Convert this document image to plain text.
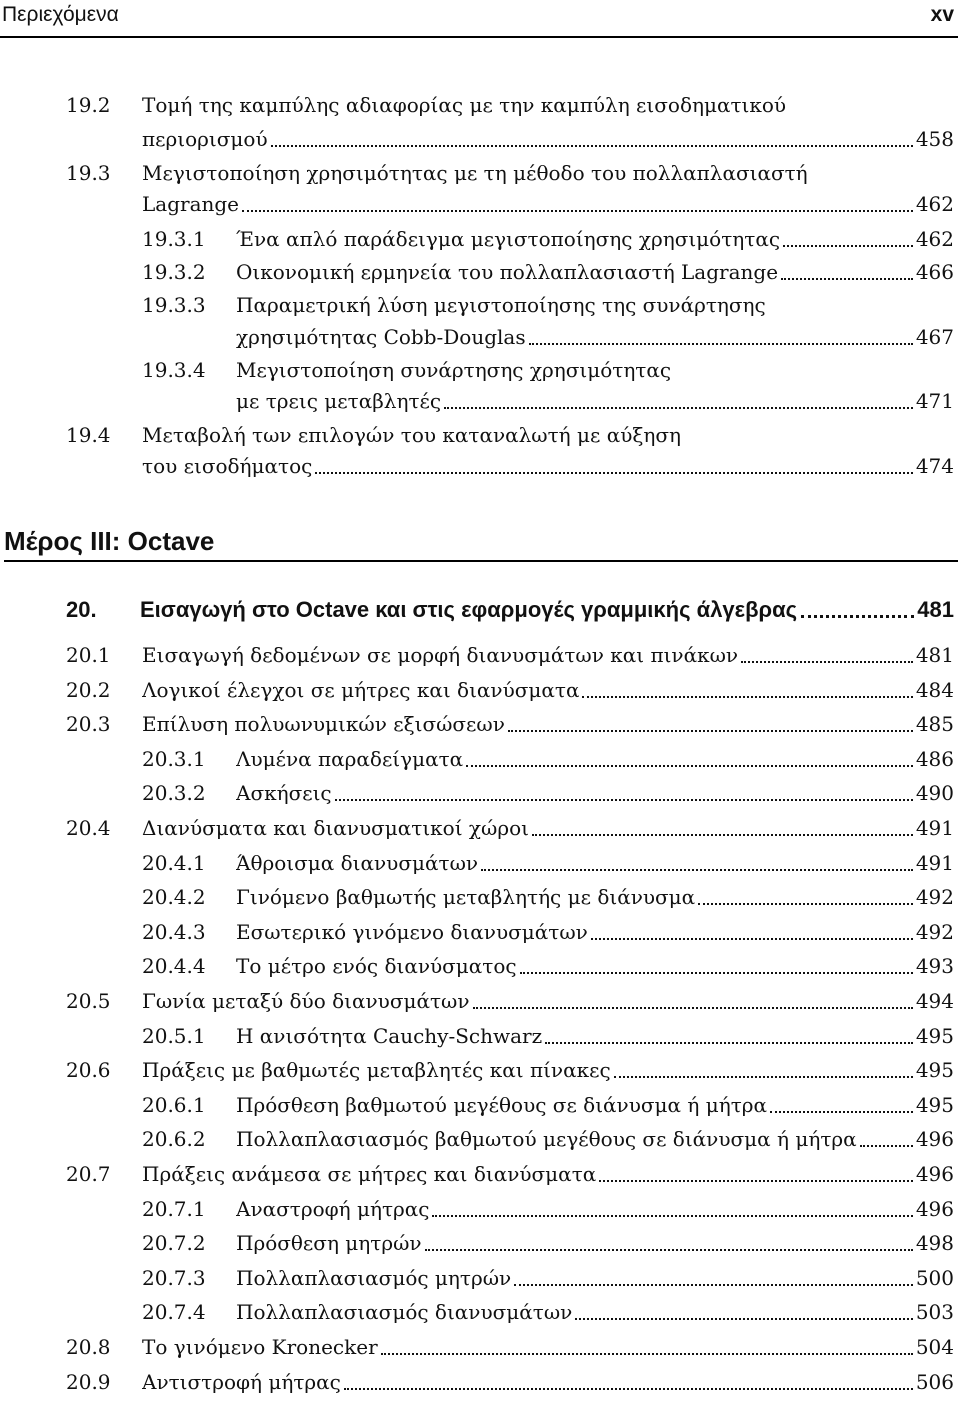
Περιεχόμενα	xv
19.2 Τομή της καμπύλης αδιαφορίας με την καμπύλη εισοδηματικού
περιορισμού	458
19.3 Μεγιστοποίηση χρησιμότητας με τη μέθοδο του πολλαπλασιαστή
Lagrange	462
19.3.1 Ένα απλό παράδειγμα μεγιστοποίησης χρησιμότητας	462
19.3.2 Οικονομική ερμηνεία του πολλαπλασιαστή Lagrange	466
19.3.3 Παραμετρική λύση μεγιστοποίησης της συνάρτησης
χρησιμότητας Cobb-Douglas	467
19.3.4 Μεγιστοποίηση συνάρτησης χρησιμότητας
με τρεις μεταβλητές	471
19.4 Μεταβολή των επιλογών του καταναλωτή με αύξηση
του εισοδήματος	474
Μέρος III: Octave
20. Εισαγωγή στο Octave και στις εφαρμογές γραμμικής άλγεβρας	481
20.1 Εισαγωγή δεδομένων σε μορφή διανυσμάτων και πινάκων	481
20.2 Λογικοί έλεγχοι σε μήτρες και διανύσματα	484
20.3 Επίλυση πολυωνυμικών εξισώσεων	485
20.3.1 Λυμένα παραδείγματα	486
20.3.2 Ασκήσεις	490
20.4 Διανύσματα και διανυσματικοί χώροι	491
20.4.1 Άθροισμα διανυσμάτων	491
20.4.2 Γινόμενο βαθμωτής μεταβλητής με διάνυσμα	492
20.4.3 Εσωτερικό γινόμενο διανυσμάτων	492
20.4.4 Το μέτρο ενός διανύσματος	493
20.5 Γωνία μεταξύ δύο διανυσμάτων	494
20.5.1 Η ανισότητα Cauchy-Schwarz	495
20.6 Πράξεις με βαθμωτές μεταβλητές και πίνακες	495
20.6.1 Πρόσθεση βαθμωτού μεγέθους σε διάνυσμα ή μήτρα	495
20.6.2 Πολλαπλασιασμός βαθμωτού μεγέθους σε διάνυσμα ή μήτρα	496
20.7 Πράξεις ανάμεσα σε μήτρες και διανύσματα	496
20.7.1 Αναστροφή μήτρας	496
20.7.2 Πρόσθεση μητρών	498
20.7.3 Πολλαπλασιασμός μητρών	500
20.7.4 Πολλαπλασιασμός διανυσμάτων	503
20.8 Το γινόμενο Kronecker	504
20.9 Αντιστροφή μήτρας	506
